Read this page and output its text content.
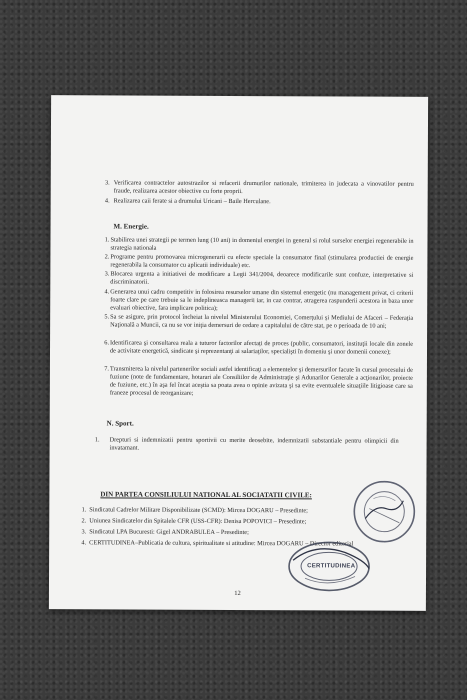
3. Verificarea contractelor autostrazilor si refacerii drumurilor nationale, trimiterea in judecata a vinovatilor pentru fraude, realizarea acestor obiective cu forte proprii.
4. Realizarea caii ferate si a drumului Uricani – Baile Herculane.
M. Energie.
1. Stabilirea unei strategii pe termen lung (10 ani) in domeniul energiei in general si rolul surselor energiei regenerabile in strategia nationala
2. Programe pentru promovarea microgenerarii cu efecte speciale la consumator final (stimularea productiei de energie regenerabila la consumator cu aplicatii individuale) etc.
3. Blocarea urgenta a initiativei de modificare a Legii 341/2004, deoarece modificarile sunt confuze, interpretative si discriminatorii.
4. Generarea unui cadru competitiv in folosirea resurselor umane din sistemul energetic (nu management privat, ci criterii foarte clare pe care trebuie sa le indeplineasca managerii iar, in caz contrar, atragerea raspunderii acestora in baza unor evaluari obiective, fara implicare politica);
5. Sa se asigure, prin protocol încheiat la nivelul Ministerului Economiei, Comerțului și Mediului de Afaceri – Federația Naţională a Muncii, ca nu se vor iniţia demersuri de cedare a capitalului de către stat, pe o perioada de 10 ani;
6. Identificarea şi consultarea reala a tuturor factorilor afectați de proces (public, consumatori, instituţii locale din zonele de activitate energetică, sindicate şi reprezentanţi ai salariaţilor, specialişti în domeniu şi unor domenii conexe);
7. Transmiterea la nivelul partenerilor sociali astfel identificaţi a elementelor şi demersurilor facute în cursul procesului de fuziune (note de fundamentare, hotarari ale Consiliilor de Administraţie şi Adunarilor Generale a acţionarilor, proiecte de fuziune, etc.) în aşa fel încat aceştia sa poata avea o opinie avizata şi sa evite eventualele situaţiile litigioase care sa franeze procesul de reorganizare;
N. Sport.
1. Drepturi si indemnizatii pentru sportivii cu merite deosebite, indemnizatii substantiale pentru olimpicii din invatamant.
DIN PARTEA CONSILIULUI NATIONAL AL SOCIATATII CIVILE:
1. Sindicatul Cadrelor Militare Disponibilizate (SCMD): Mircea DOGARU – Presedinte;
2. Uniunea Sindicatelor din Spitalele CFR (USS-CFR): Denisa POPOVICI – Presedinte;
3. Sindicatul LPA Bucuresti: Gigel ANDRABULEA – Presedinte;
4. CERTITUDINEA–Publicatia de cultura, spiritualitate si atitudine: Mircea DOGARU – Director editorial
CERTITUDINEA
12
